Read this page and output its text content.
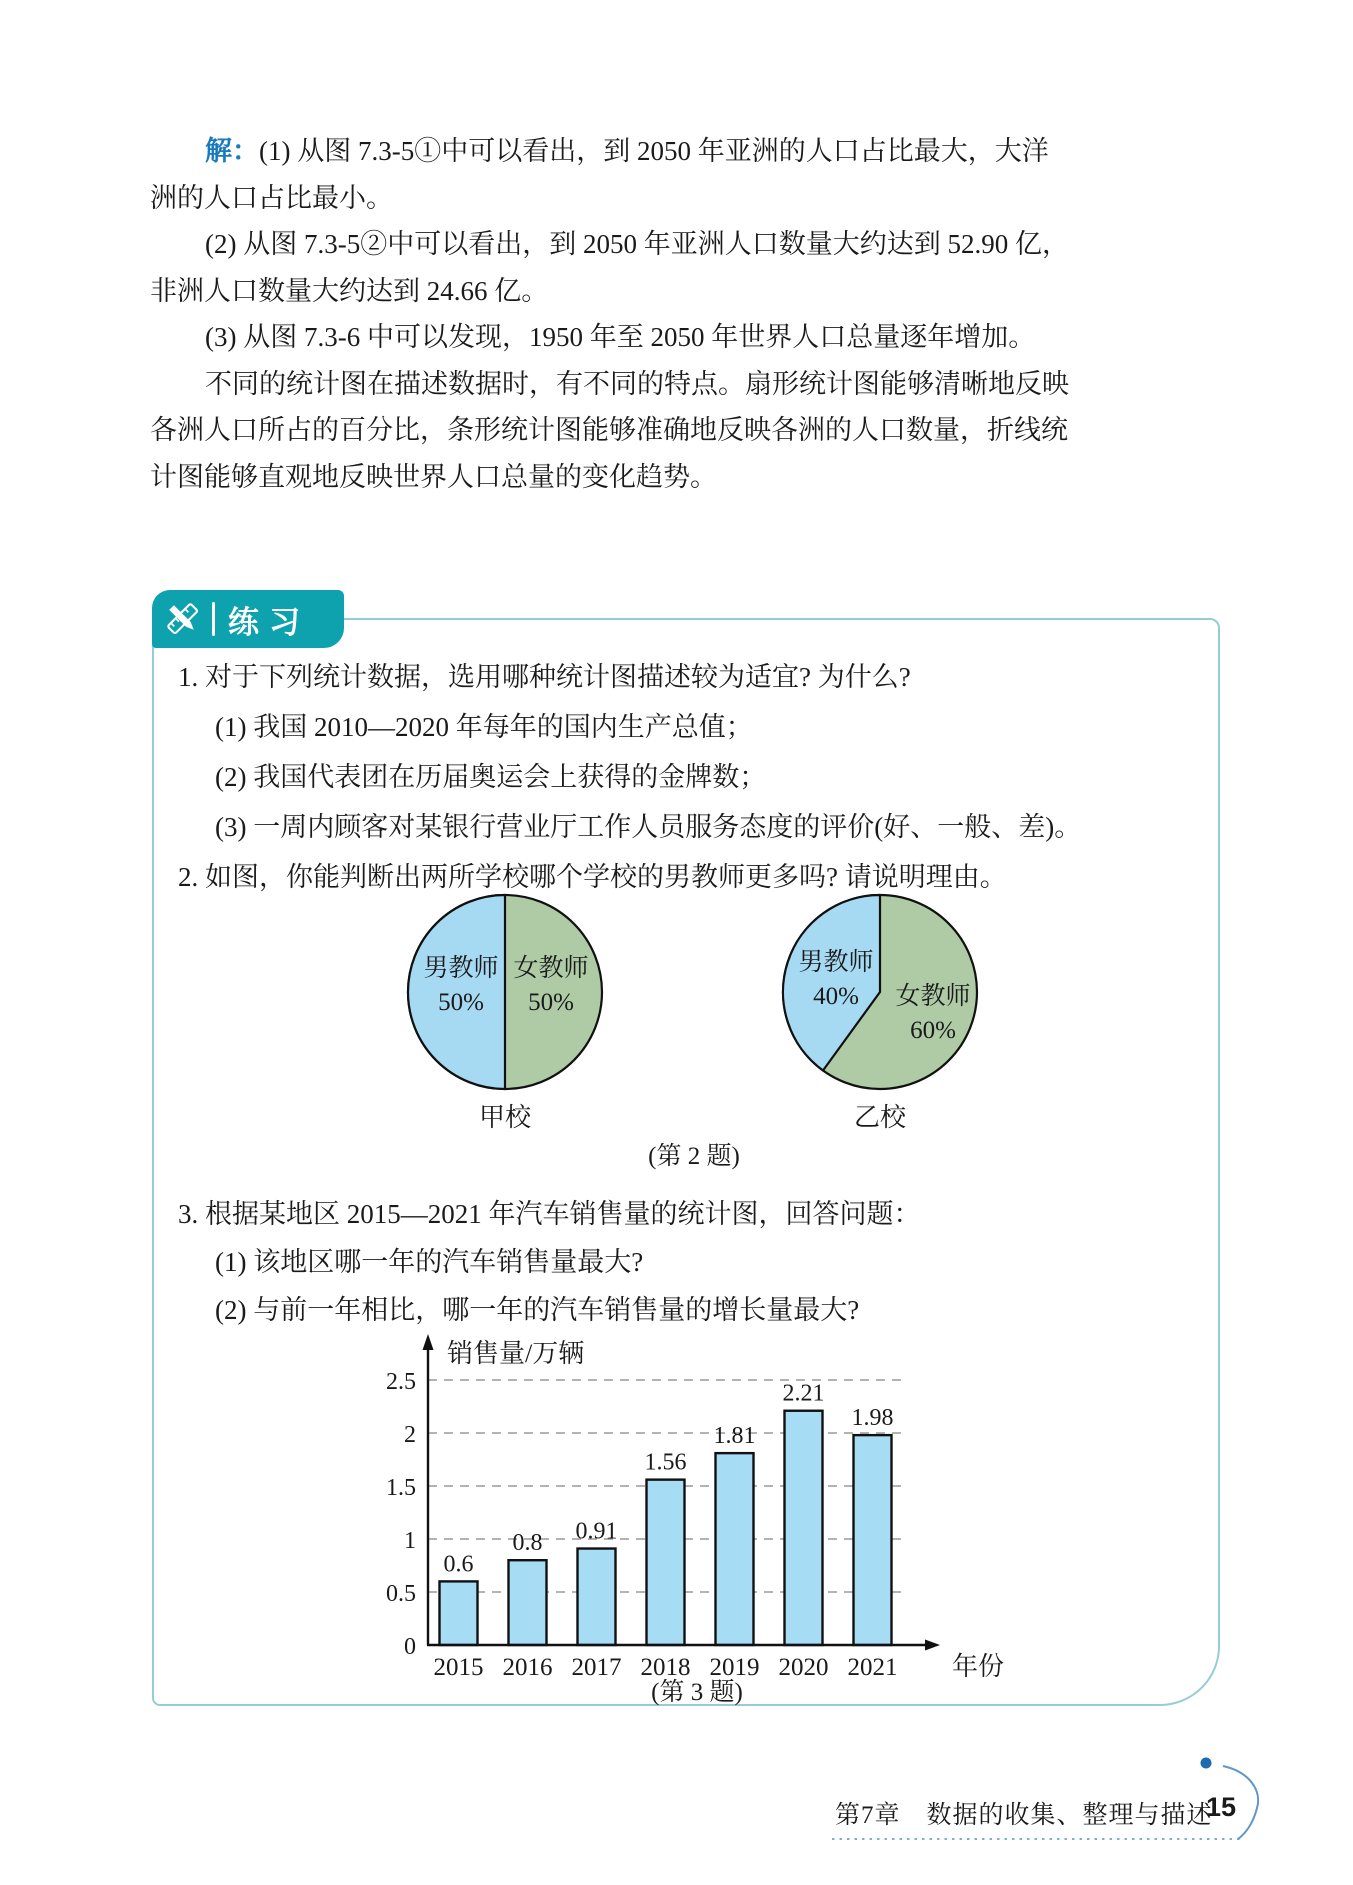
解：(1) 从图 7.3-5①中可以看出，到 2050 年亚洲的人口占比最大，大洋
洲的人口占比最小。
(2) 从图 7.3-5②中可以看出，到 2050 年亚洲人口数量大约达到 52.90 亿，
非洲人口数量大约达到 24.66 亿。
(3) 从图 7.3-6 中可以发现，1950 年至 2050 年世界人口总量逐年增加。
不同的统计图在描述数据时，有不同的特点。扇形统计图能够清晰地反映
各洲人口所占的百分比，条形统计图能够准确地反映各洲的人口数量，折线统
计图能够直观地反映世界人口总量的变化趋势。
练习
1. 对于下列统计数据，选用哪种统计图描述较为适宜? 为什么?
(1) 我国 2010—2020 年每年的国内生产总值；
(2) 我国代表团在历届奥运会上获得的金牌数；
(3) 一周内顾客对某银行营业厅工作人员服务态度的评价(好、一般、差)。
2. 如图，你能判断出两所学校哪个学校的男教师更多吗? 请说明理由。
男教师
50%
女教师
50%
甲校
男教师
40% 女教师
60%
乙校
(第 2 题)
3. 根据某地区 2015—2021 年汽车销售量的统计图，回答问题：
(1) 该地区哪一年的汽车销售量最大?
(2) 与前一年相比，哪一年的汽车销售量的增长量最大?
0
0.5
1
1.5
2
2.5
0.6
2015
0.8
2016
0.91
2017
1.56
2018
1.81
2019
2.21
2020
1.98
2021
销售量/万辆
年份
(第 3 题)
第7章　数据的收集、整理与描述
15
